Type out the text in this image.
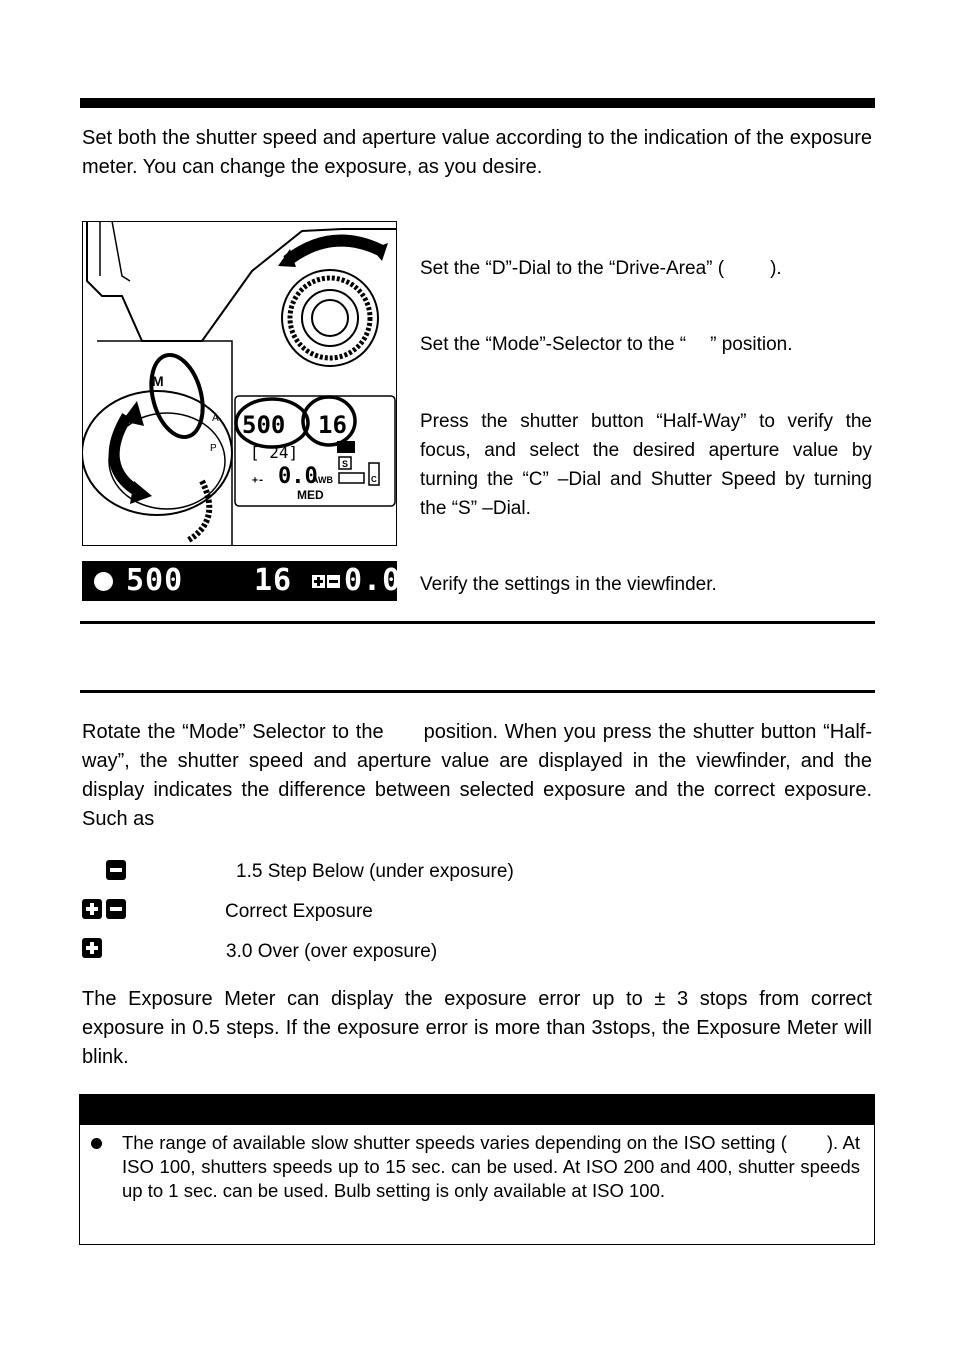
Set both the shutter speed and aperture value according to the indication of the exposure meter. You can change the exposure, as you desire.
M
A
P
500 16
[ 24]
+- 0.0
AWB
S
C
MED
500 16 0.0
Set the “D”-Dial to the “Drive-Area” ( ).
Set the “Mode”-Selector to the “ ” position.
Press the shutter button “Half-Way” to verify the focus, and select the desired aperture value by turning the “C” –Dial and Shutter Speed by turning the “S” –Dial.
Verify the settings in the viewfinder.
Rotate the “Mode” Selector to the position. When you press the shutter button “Half-way”, the shutter speed and aperture value are displayed in the viewfinder, and the display indicates the difference between selected exposure and the correct exposure. Such as
1.5 Step Below (under exposure)
Correct Exposure
3.0 Over (over exposure)
The Exposure Meter can display the exposure error up to ± 3 stops from correct exposure in 0.5 steps. If the exposure error is more than 3stops, the Exposure Meter will blink.
The range of available slow shutter speeds varies depending on the ISO setting ( ). At ISO 100, shutters speeds up to 15 sec. can be used. At ISO 200 and 400, shutter speeds up to 1 sec. can be used. Bulb setting is only available at ISO 100.
